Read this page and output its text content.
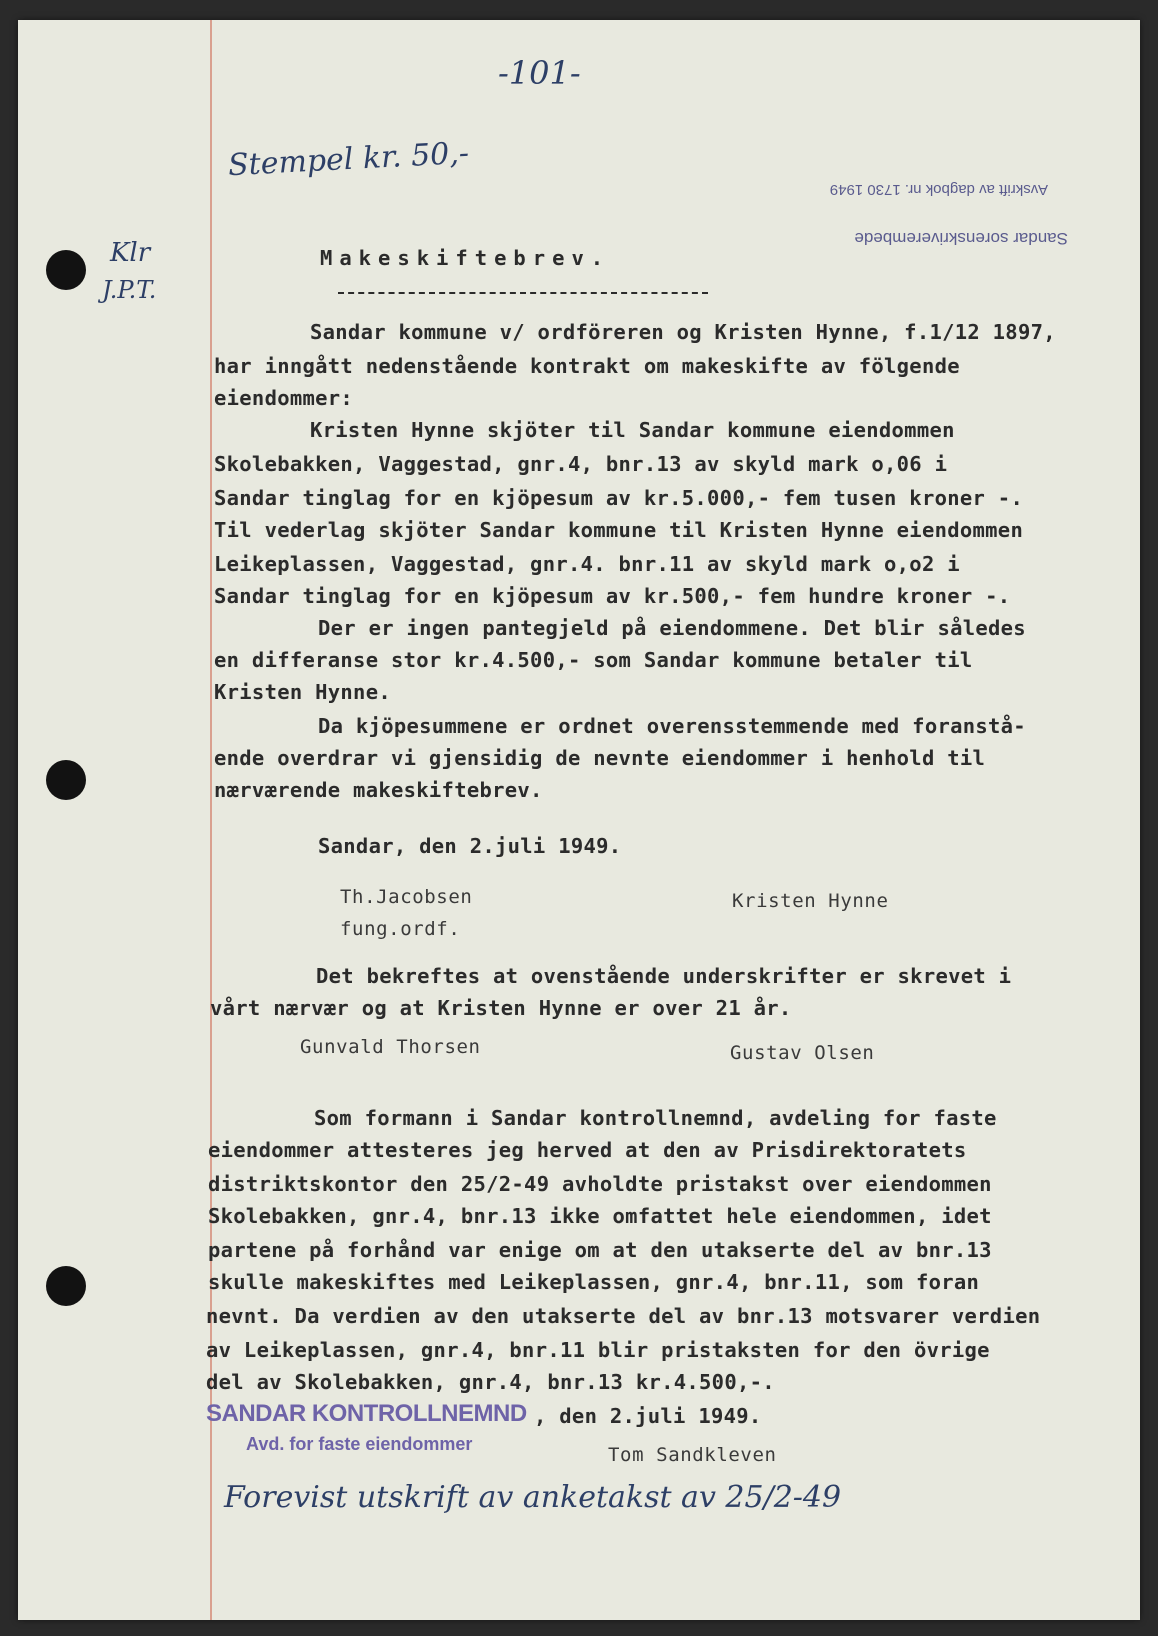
-101-
Stempel kr. 50,-
Klr
J.P.T.
Sandar sorenskriverembede
Avskrift av dagbok nr. 1730 1949
Makeskiftebrev.
Sandar kommune v/ ordföreren og Kristen Hynne, f.1/12 1897,
har inngått nedenstående kontrakt om makeskifte av fölgende
eiendommer:
Kristen Hynne skjöter til Sandar kommune eiendommen
Skolebakken, Vaggestad, gnr.4, bnr.13 av skyld mark o,06 i
Sandar tinglag for en kjöpesum av kr.5.000,- fem tusen kroner -.
Til vederlag skjöter Sandar kommune til Kristen Hynne eiendommen
Leikeplassen, Vaggestad, gnr.4. bnr.11 av skyld mark o,o2 i
Sandar tinglag for en kjöpesum av kr.500,- fem hundre kroner -.
Der er ingen pantegjeld på eiendommene. Det blir således
en differanse stor kr.4.500,- som Sandar kommune betaler til
Kristen Hynne.
Da kjöpesummene er ordnet overensstemmende med foranstå-
ende overdrar vi gjensidig de nevnte eiendommer i henhold til
nærværende makeskiftebrev.
Sandar, den 2.juli 1949.
Th.Jacobsen
fung.ordf.
Kristen Hynne
Det bekreftes at ovenstående underskrifter er skrevet i
vårt nærvær og at Kristen Hynne er over 21 år.
Gunvald Thorsen	Gustav Olsen
Som formann i Sandar kontrollnemnd, avdeling for faste
eiendommer attesteres jeg herved at den av Prisdirektoratets
distriktskontor den 25/2-49 avholdte pristakst over eiendommen
Skolebakken, gnr.4, bnr.13 ikke omfattet hele eiendommen, idet
partene på forhånd var enige om at den utakserte del av bnr.13
skulle makeskiftes med Leikeplassen, gnr.4, bnr.11, som foran
nevnt. Da verdien av den utakserte del av bnr.13 motsvarer verdien
av Leikeplassen, gnr.4, bnr.11 blir pristaksten for den övrige
del av Skolebakken, gnr.4, bnr.13 kr.4.500,-.
SANDAR KONTROLLNEMND
Avd. for faste eiendommer
, den 2.juli 1949.
Tom Sandkleven
Forevist utskrift av anketakst av 25/2-49
